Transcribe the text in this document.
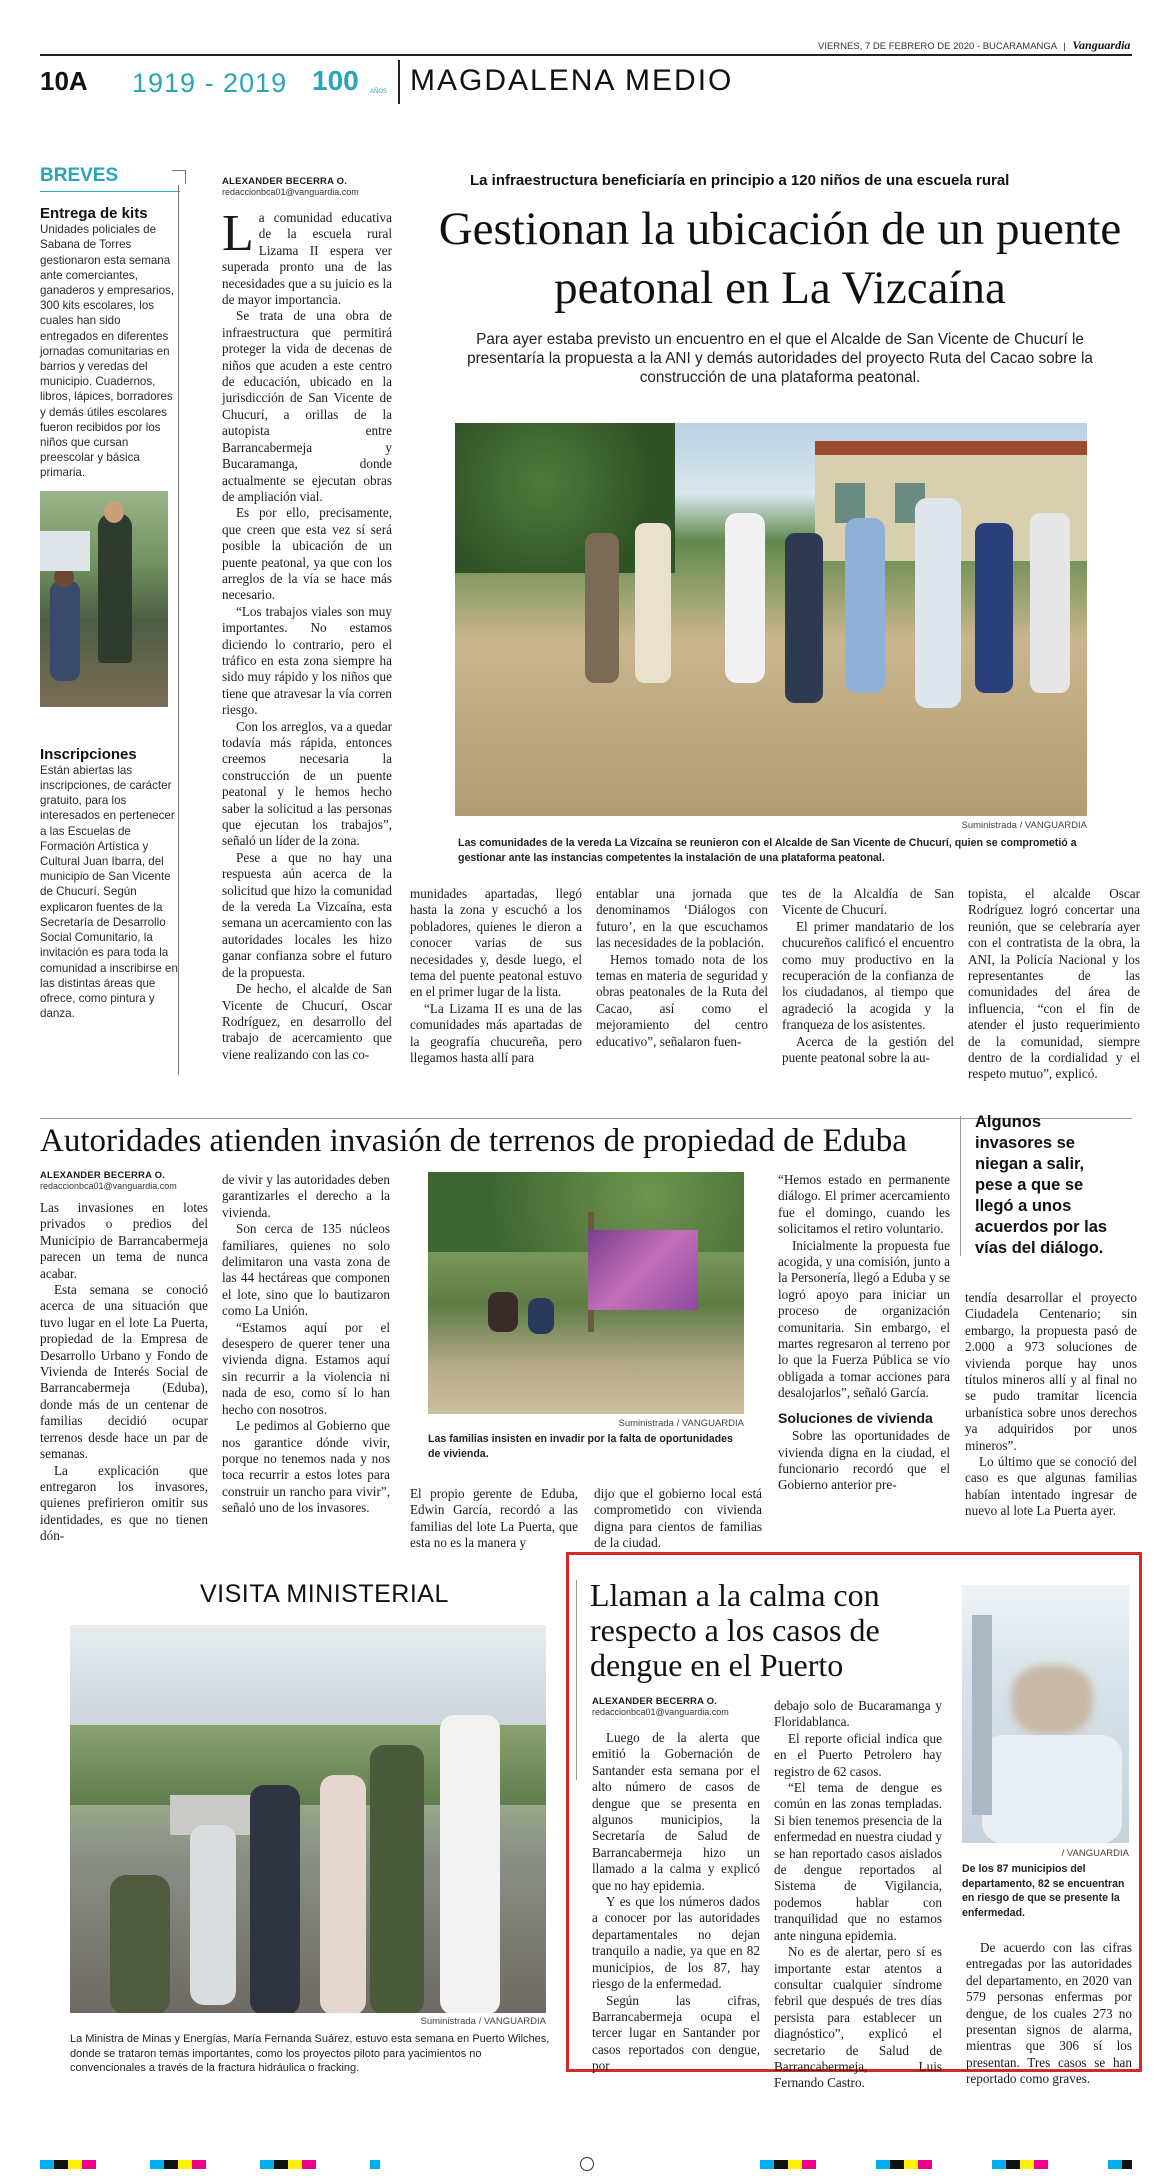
VIERNES, 7 DE FEBRERO DE 2020 - BUCARAMANGA | Vanguardia
10A 1919 - 2019 100 AÑOS MAGDALENA MEDIO
BREVES
Entrega de kits
Unidades policiales de Sabana de Torres gestionaron esta semana ante comerciantes, ganaderos y empresarios, 300 kits escolares, los cuales han sido entregados en diferentes jornadas comunitarias en barrios y veredas del municipio. Cuadernos, libros, lápices, borradores y demás útiles escolares fueron recibidos por los niños que cursan preescolar y básica primaria.
Inscripciones
Están abiertas las inscripciones, de carácter gratuito, para los interesados en pertenecer a las Escuelas de Formación Artística y Cultural Juan Ibarra, del municipio de San Vicente de Chucurí. Según explicaron fuentes de la Secretaría de Desarrollo Social Comunitario, la invitación es para toda la comunidad a inscribirse en las distintas áreas que ofrece, como pintura y danza.
ALEXANDER BECERRA O.
redaccionbca01@vanguardia.com
La infraestructura beneficiaría en principio a 120 niños de una escuela rural
Gestionan la ubicación de un puente peatonal en La Vizcaína
Para ayer estaba previsto un encuentro en el que el Alcalde de San Vicente de Chucurí le presentaría la propuesta a la ANI y demás autoridades del proyecto Ruta del Cacao sobre la construcción de una plataforma peatonal.

La comunidad educativa de la escuela rural Lizama II espera ver superada pronto una de las necesidades que a su juicio es la de mayor importancia.

Se trata de una obra de infraestructura que permitirá proteger la vida de decenas de niños que acuden a este centro de educación, ubicado en la jurisdicción de San Vicente de Chucurí, a orillas de la autopista entre Barrancabermeja y Bucaramanga, donde actualmente se ejecutan obras de ampliación vial.

Es por ello, precisamente, que creen que esta vez sí será posible la ubicación de un puente peatonal, ya que con los arreglos de la vía se hace más necesario.

“Los trabajos viales son muy importantes. No estamos diciendo lo contrario, pero el tráfico en esta zona siempre ha sido muy rápido y los niños que tiene que atravesar la vía corren riesgo.

Con los arreglos, va a quedar todavía más rápida, entonces creemos necesaria la construcción de un puente peatonal y le hemos hecho saber la solicitud a las personas que ejecutan los trabajos”, señaló un líder de la zona.

Pese a que no hay una respuesta aún acerca de la solicitud que hizo la comunidad de la vereda La Vizcaína, esta semana un acercamiento con las autoridades locales les hizo ganar confianza sobre el futuro de la propuesta.

De hecho, el alcalde de San Vicente de Chucurí, Oscar Rodríguez, en desarrollo del trabajo de acercamiento que viene realizando con las co-

Suministrada / VANGUARDIA
Las comunidades de la vereda La Vizcaína se reunieron con el Alcalde de San Vicente de Chucurí, quien se comprometió a gestionar ante las instancias competentes la instalación de una plataforma peatonal.

munidades apartadas, llegó hasta la zona y escuchó a los pobladores, quienes le dieron a conocer varias de sus necesidades y, desde luego, el tema del puente peatonal estuvo en el primer lugar de la lista.

“La Lizama II es una de las comunidades más apartadas de la geografía chucureña, pero llegamos hasta allí para

entablar una jornada que denominamos ‘Diálogos con futuro’, en la que escuchamos las necesidades de la población.

Hemos tomado nota de los temas en materia de seguridad y obras peatonales de la Ruta del Cacao, así como el mejoramiento del centro educativo”, señalaron fuen-

tes de la Alcaldía de San Vicente de Chucurí.

El primer mandatario de los chucureños calificó el encuentro como muy productivo en la recuperación de la confianza de los ciudadanos, al tiempo que agradeció la acogida y la franqueza de los asistentes.

Acerca de la gestión del puente peatonal sobre la au-

topista, el alcalde Oscar Rodríguez logró concertar una reunión, que se celebraría ayer con el contratista de la obra, la ANI, la Policía Nacional y los representantes de las comunidades del área de influencia, “con el fin de atender el justo requerimiento de la comunidad, siempre dentro de la cordialidad y el respeto mutuo”, explicó.

Autoridades atienden invasión de terrenos de propiedad de Eduba
Algunos invasores se niegan a salir, pese a que se llegó a unos acuerdos por las vías del diálogo.
ALEXANDER BECERRA O.
redaccionbca01@vanguardia.com

Las invasiones en lotes privados o predios del Municipio de Barrancabermeja parecen un tema de nunca acabar.

Esta semana se conoció acerca de una situación que tuvo lugar en el lote La Puerta, propiedad de la Empresa de Desarrollo Urbano y Fondo de Vivienda de Interés Social de Barrancabermeja (Eduba), donde más de un centenar de familias decidió ocupar terrenos desde hace un par de semanas.

La explicación que entregaron los invasores, quienes prefirieron omitir sus identidades, es que no tienen dón-

de vivir y las autoridades deben garantizarles el derecho a la vivienda.

Son cerca de 135 núcleos familiares, quienes no solo delimitaron una vasta zona de las 44 hectáreas que componen el lote, sino que lo bautizaron como La Unión.

“Estamos aquí por el desespero de querer tener una vivienda digna. Estamos aquí sin recurrir a la violencia ni nada de eso, como sí lo han hecho con nosotros.

Le pedimos al Gobierno que nos garantice dónde vivir, porque no tenemos nada y nos toca recurrir a estos lotes para construir un rancho para vivir”, señaló uno de los invasores.

Suministrada / VANGUARDIA
Las familias insisten en invadir por la falta de oportunidades de vivienda.

El propio gerente de Eduba, Edwin García, recordó a las familias del lote La Puerta, que esta no es la manera y

dijo que el gobierno local está comprometido con vivienda digna para cientos de familias de la ciudad.

“Hemos estado en permanente diálogo. El primer acercamiento fue el domingo, cuando les solicitamos el retiro voluntario.

Inicialmente la propuesta fue acogida, y una comisión, junto a la Personería, llegó a Eduba y se logró apoyo para iniciar un proceso de organización comunitaria. Sin embargo, el martes regresaron al terreno por lo que la Fuerza Pública se vio obligada a tomar acciones para desalojarlos”, señaló García.

Soluciones de vivienda

Sobre las oportunidades de vivienda digna en la ciudad, el funcionario recordó que el Gobierno anterior pre-

tendía desarrollar el proyecto Ciudadela Centenario; sin embargo, la propuesta pasó de 2.000 a 973 soluciones de vivienda porque hay unos títulos mineros allí y al final no se pudo tramitar licencia urbanística sobre unos derechos ya adquiridos por unos mineros”.

Lo último que se conoció del caso es que algunas familias habían intentado ingresar de nuevo al lote La Puerta ayer.

VISITA MINISTERIAL
Suministrada / VANGUARDIA
La Ministra de Minas y Energías, María Fernanda Suárez, estuvo esta semana en Puerto Wilches, donde se trataron temas importantes, como los proyectos piloto para yacimientos no convencionales a través de la fractura hidráulica o fracking.
Llaman a la calma con respecto a los casos de dengue en el Puerto
ALEXANDER BECERRA O.
redaccionbca01@vanguardia.com

Luego de la alerta que emitió la Gobernación de Santander esta semana por el alto número de casos de dengue que se presenta en algunos municipios, la Secretaría de Salud de Barrancabermeja hizo un llamado a la calma y explicó que no hay epidemia.

Y es que los números dados a conocer por las autoridades departamentales no dejan tranquilo a nadie, ya que en 82 municipios, de los 87, hay riesgo de la enfermedad.

Según las cifras, Barrancabermeja ocupa el tercer lugar en Santander por casos reportados con dengue, por

debajo solo de Bucaramanga y Floridablanca.

El reporte oficial indica que en el Puerto Petrolero hay registro de 62 casos.

“El tema de dengue es común en las zonas templadas. Si bien tenemos presencia de la enfermedad en nuestra ciudad y se han reportado casos aislados de dengue reportados al Sistema de Vigilancia, podemos hablar con tranquilidad que no estamos ante ninguna epidemia.

No es de alertar, pero sí es importante estar atentos a consultar cualquier síndrome febril que después de tres días persista para establecer un diagnóstico”, explicó el secretario de Salud de Barrancabermeja, Luis Fernando Castro.

/ VANGUARDIA
De los 87 municipios del departamento, 82 se encuentran en riesgo de que se presente la enfermedad.

De acuerdo con las cifras entregadas por las autoridades del departamento, en 2020 van 579 personas enfermas por dengue, de los cuales 273 no presentan signos de alarma, mientras que 306 sí los presentan. Tres casos se han reportado como graves.
